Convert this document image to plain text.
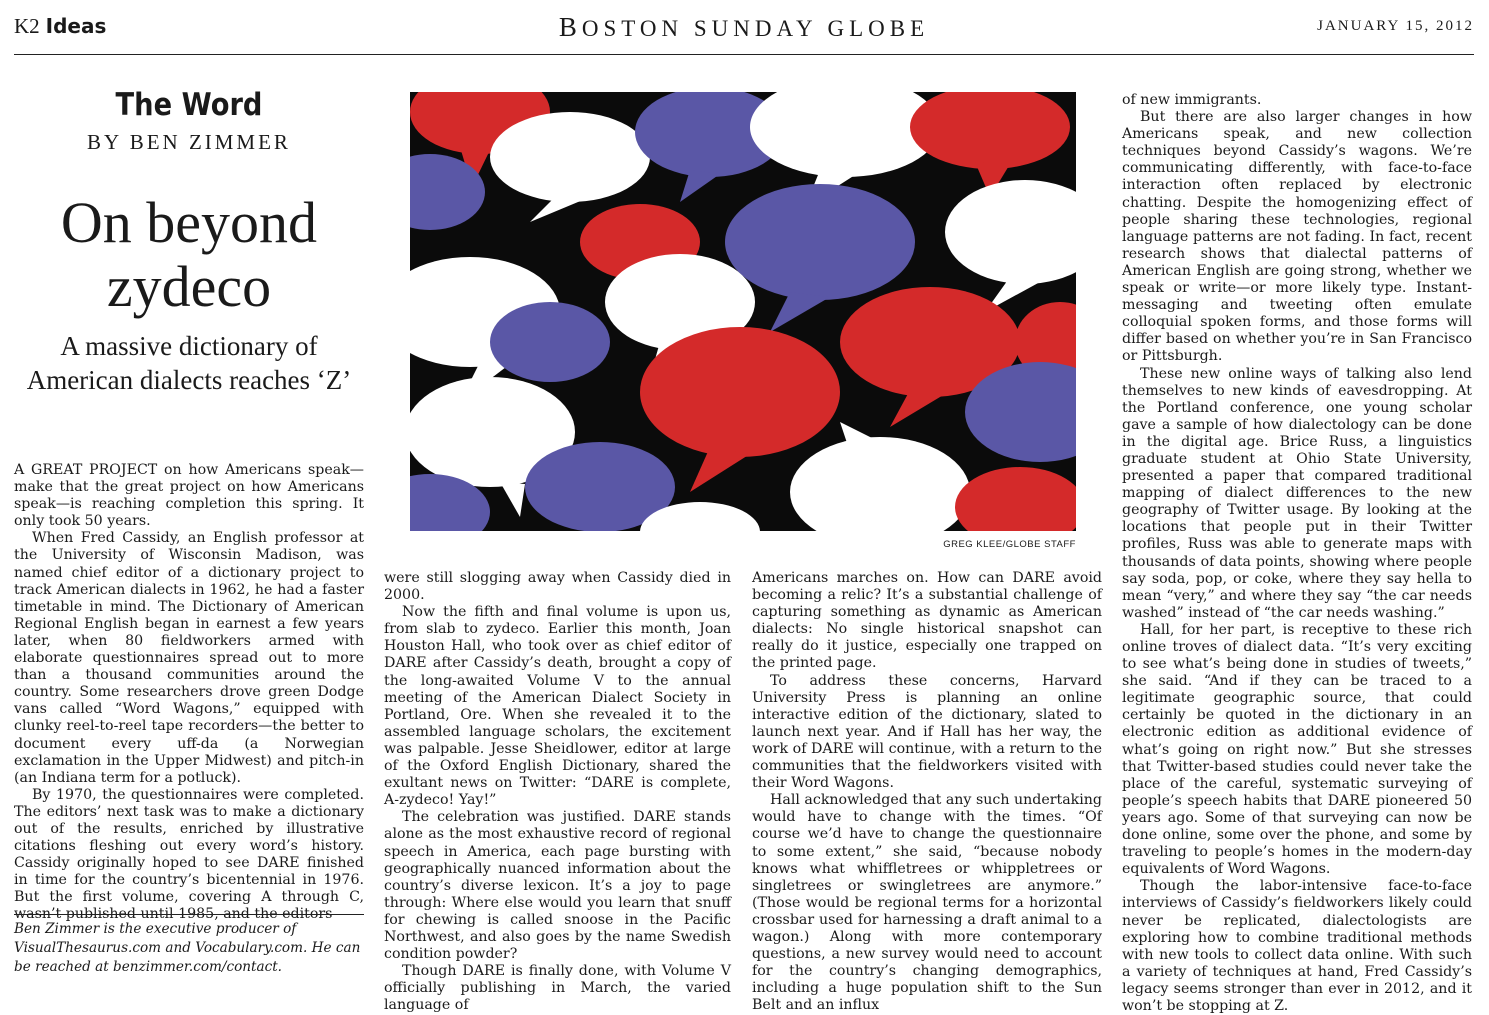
K2 Ideas	BOSTON SUNDAY GLOBE	JANUARY 15, 2012
The Word
BY BEN ZIMMER
On beyond zydeco
A massive dictionary of American dialects reaches ‘Z’

A GREAT PROJECT on how Americans speak—make that the great project on how Americans speak—is reaching completion this spring. It only took 50 years.

When Fred Cassidy, an English professor at the University of Wisconsin Madison, was named chief editor of a dictionary project to track American dialects in 1962, he had a faster timetable in mind. The Dictionary of American Regional English began in earnest a few years later, when 80 fieldworkers armed with elaborate questionnaires spread out to more than a thousand communities around the country. Some researchers drove green Dodge vans called “Word Wagons,” equipped with clunky reel-to-reel tape recorders—the better to document every uff-da (a Norwegian exclamation in the Upper Midwest) and pitch-in (an Indiana term for a potluck).

By 1970, the questionnaires were completed. The editors’ next task was to make a dictionary out of the results, enriched by illustrative citations fleshing out every word’s history. Cassidy originally hoped to see DARE finished in time for the country’s bicentennial in 1976. But the first volume, covering A through C, wasn’t published until 1985, and the editors

Ben Zimmer is the executive producer of VisualThesaurus.com and Vocabulary.com. He can be reached at benzimmer.com/contact.
GREG KLEE/GLOBE STAFF

were still slogging away when Cassidy died in 2000.

Now the fifth and final volume is upon us, from slab to zydeco. Earlier this month, Joan Houston Hall, who took over as chief editor of DARE after Cassidy’s death, brought a copy of the long-awaited Volume V to the annual meeting of the American Dialect Society in Portland, Ore. When she revealed it to the assembled language scholars, the excitement was palpable. Jesse Sheidlower, editor at large of the Oxford English Dictionary, shared the exultant news on Twitter: “DARE is complete, A-zydeco! Yay!”

The celebration was justified. DARE stands alone as the most exhaustive record of regional speech in America, each page bursting with geographically nuanced information about the country’s diverse lexicon. It’s a joy to page through: Where else would you learn that snuff for chewing is called snoose in the Pacific Northwest, and also goes by the name Swedish condition powder?

Though DARE is finally done, with Volume V officially publishing in March, the varied language of

Americans marches on. How can DARE avoid becoming a relic? It’s a substantial challenge of capturing something as dynamic as American dialects: No single historical snapshot can really do it justice, especially one trapped on the printed page.

To address these concerns, Harvard University Press is planning an online interactive edition of the dictionary, slated to launch next year. And if Hall has her way, the work of DARE will continue, with a return to the communities that the fieldworkers visited with their Word Wagons.

Hall acknowledged that any such undertaking would have to change with the times. “Of course we’d have to change the questionnaire to some extent,” she said, “because nobody knows what whiffletrees or whippletrees or singletrees or swingletrees are anymore.” (Those would be regional terms for a horizontal crossbar used for harnessing a draft animal to a wagon.) Along with more contemporary questions, a new survey would need to account for the country’s changing demographics, including a huge population shift to the Sun Belt and an influx

of new immigrants.

But there are also larger changes in how Americans speak, and new collection techniques beyond Cassidy’s wagons. We’re communicating differently, with face-to-face interaction often replaced by electronic chatting. Despite the homogenizing effect of people sharing these technologies, regional language patterns are not fading. In fact, recent research shows that dialectal patterns of American English are going strong, whether we speak or write—or more likely type. Instant-messaging and tweeting often emulate colloquial spoken forms, and those forms will differ based on whether you’re in San Francisco or Pittsburgh.

These new online ways of talking also lend themselves to new kinds of eavesdropping. At the Portland conference, one young scholar gave a sample of how dialectology can be done in the digital age. Brice Russ, a linguistics graduate student at Ohio State University, presented a paper that compared traditional mapping of dialect differences to the new geography of Twitter usage. By looking at the locations that people put in their Twitter profiles, Russ was able to generate maps with thousands of data points, showing where people say soda, pop, or coke, where they say hella to mean “very,” and where they say “the car needs washed” instead of “the car needs washing.”

Hall, for her part, is receptive to these rich online troves of dialect data. “It’s very exciting to see what’s being done in studies of tweets,” she said. “And if they can be traced to a legitimate geographic source, that could certainly be quoted in the dictionary in an electronic edition as additional evidence of what’s going on right now.” But she stresses that Twitter-based studies could never take the place of the careful, systematic surveying of people’s speech habits that DARE pioneered 50 years ago. Some of that surveying can now be done online, some over the phone, and some by traveling to people’s homes in the modern-day equivalents of Word Wagons.

Though the labor-intensive face-to-face interviews of Cassidy’s fieldworkers likely could never be replicated, dialectologists are exploring how to combine traditional methods with new tools to collect data online. With such a variety of techniques at hand, Fred Cassidy’s legacy seems stronger than ever in 2012, and it won’t be stopping at Z.
